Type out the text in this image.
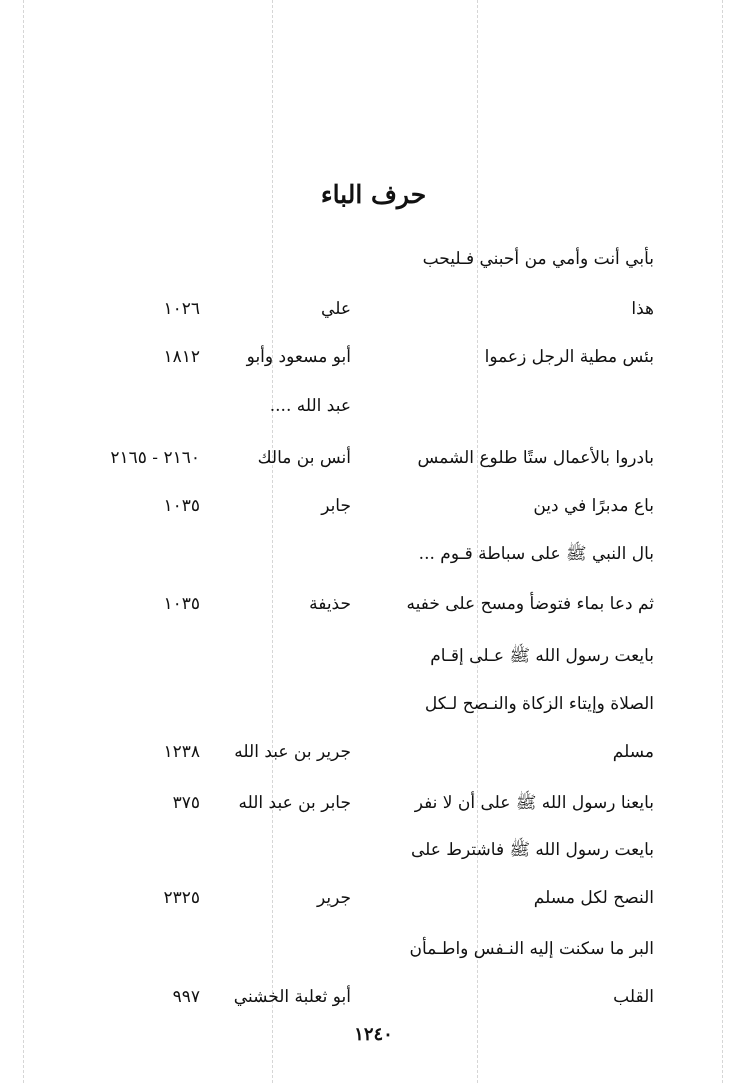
حرف الباء
بأبي أنت وأمي من أحبني فـليحب
هذا
علي
١٠٢٦
بئس مطية الرجل زعموا
أبو مسعود وأبو
١٨١٢
عبد الله ....
بادروا بالأعمال ستًا طلوع الشمس
أنس بن مالك
٢١٦٠ - ٢١٦٥
باع مدبرًا في دين
جابر
١٠٣٥
بال النبي ﷺ على سباطة قـوم ...
ثم دعا بماء فتوضأ ومسح على خفيه
حذيفة
١٠٣٥
بايعت رسول الله ﷺ عـلى إقـام
الصلاة وإيتاء الزكاة والنـصح لـكل
مسلم
جرير بن عبد الله
١٢٣٨
بايعنا رسول الله ﷺ على أن لا نفر
جابر بن عبد الله
٣٧٥
بايعت رسول الله ﷺ فاشترط على
النصح لكل مسلم
جرير
٢٣٢٥
البر ما سكنت إليه النـفس واطـمأن
القلب
أبو ثعلبة الخشني
٩٩٧
١٢٤٠
